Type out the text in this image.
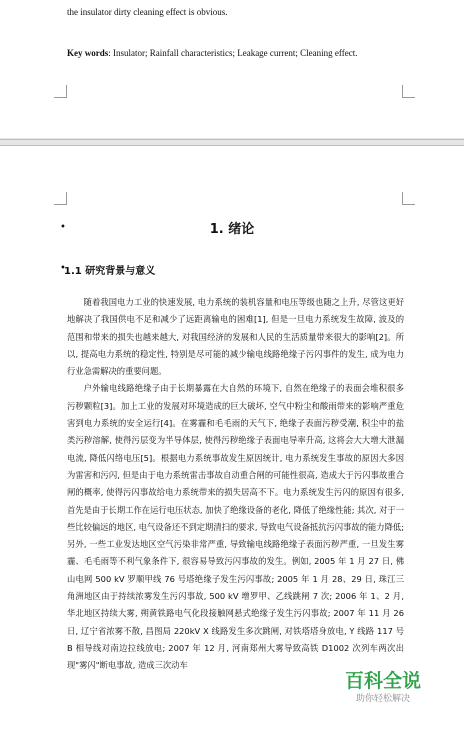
the insulator dirty cleaning effect is obvious.
Key words: Insulator; Rainfall characteristics; Leakage current; Cleaning effect.
•	1. 绪论
•
1.1 研究背景与意义

随着我国电力工业的快速发展, 电力系统的装机容量和电压等级也随之上升, 尽管这更好地解决了我国供电不足和减少了远距离输电的困难[1], 但是一旦电力系统发生故障, 波及的范围和带来的损失也越来越大, 对我国经济的发展和人民的生活质量带来很大的影响[2]。所以, 提高电力系统的稳定性, 特别是尽可能的减少输电线路绝缘子污闪事件的发生, 成为电力行业急需解决的重要问题。

户外输电线路绝缘子由于长期暴露在大自然的环境下, 自然在绝缘子的表面会堆积很多污秽颗粒[3]。加上工业的发展对环境造成的巨大破坏, 空气中粉尘和酸雨带来的影响严重危害到电力系统的安全运行[4]。在雾霾和毛毛雨的天气下, 绝缘子表面污秽受潮, 积尘中的盐类污秽溶解, 使得污层变为半导体层, 使得污秽绝缘子表面电导率升高, 这将会大大增大泄漏电流, 降低闪络电压[5]。根据电力系统事故发生原因统计, 电力系统发生事故的原因大多因为雷害和污闪, 但是由于电力系统雷击事故自动重合闸的可能性很高, 造成大于污闪事故重合闸的概率, 使得污闪事故给电力系统带来的损失居高不下。电力系统发生污闪的原因有很多, 首先是由于长期工作在运行电压状态, 加快了绝缘设备的老化, 降低了绝缘性能; 其次, 对于一些比较偏远的地区, 电气设备还不到定期清扫的要求, 导致电气设备抵抗污闪事故的能力降低; 另外, 一些工业发达地区空气污染非常严重, 导致输电线路绝缘子表面污秽严重, 一旦发生雾霾、毛毛雨等不利气象条件下, 很容易导致污闪事故的发生。例如, 2005 年 1 月 27 日, 佛山电网 500 kV 罗顺甲线 76 号塔绝缘子发生污闪事故; 2005 年 1 月 28、29 日, 珠江三角洲地区由于持续浓雾发生污闪事故, 500 kV 增罗甲、乙线跳闸 7 次; 2006 年 1、2 月, 华北地区持续大雾, 朔黄铁路电气化段接触网悬式绝缘子发生污闪事故; 2007 年 11 月 26 日, 辽宁省浓雾不散, 昌图局 220kV X 线路发生多次跳闸, 对铁塔塔身放电, Y 线路 117 号 B 相导线对南边拉线放电; 2007 年 12 月, 河南郑州大雾导致高铁 D1002 次列车两次出现"雾闪"断电事故, 造成三次动车

百科全说
助你轻松解决
